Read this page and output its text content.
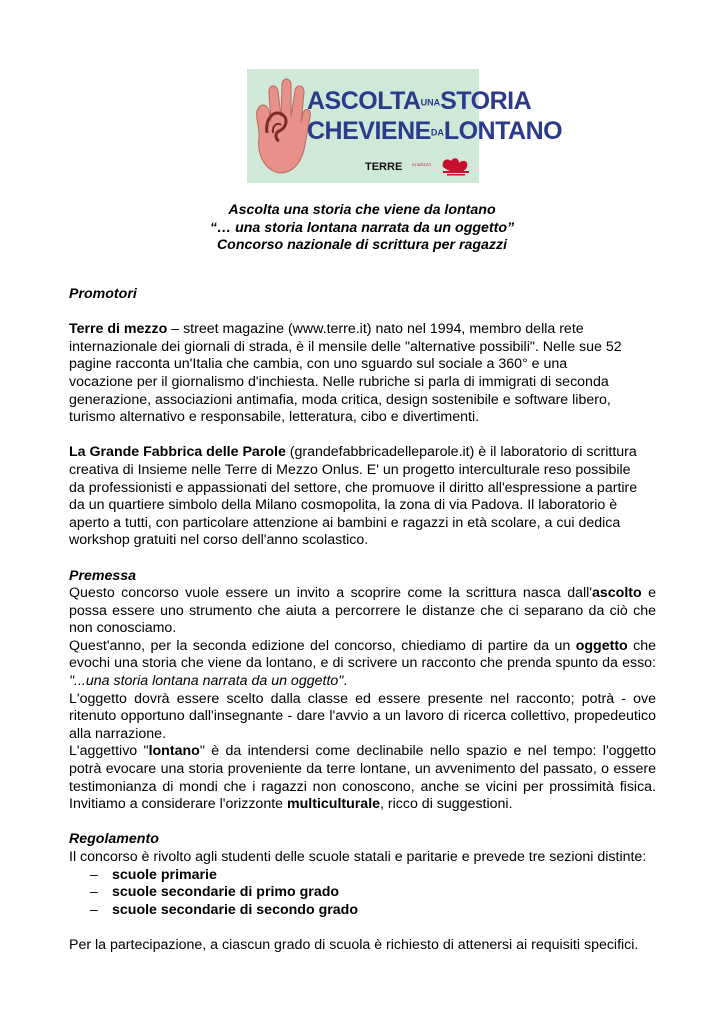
ASCOLTAUNASTORIA
CHEVIENEDALONTANO
TERRE DI MEZZO
Ascolta una storia che viene da lontano
“… una storia lontana narrata da un oggetto”
Concorso nazionale di scrittura per ragazzi
Promotori
Terre di mezzo – street magazine (www.terre.it) nato nel 1994, membro della rete
internazionale dei giornali di strada, è il mensile delle "alternative possibili". Nelle sue 52
pagine racconta un'Italia che cambia, con uno sguardo sul sociale a 360° e una
vocazione per il giornalismo d'inchiesta. Nelle rubriche si parla di immigrati di seconda
generazione, associazioni antimafia, moda critica, design sostenibile e software libero,
turismo alternativo e responsabile, letteratura, cibo e divertimenti.
La Grande Fabbrica delle Parole (grandefabbricadelleparole.it) è il laboratorio di scrittura
creativa di Insieme nelle Terre di Mezzo Onlus. E' un progetto interculturale reso possibile
da professionisti e appassionati del settore, che promuove il diritto all'espressione a partire
da un quartiere simbolo della Milano cosmopolita, la zona di via Padova. Il laboratorio è
aperto a tutti, con particolare attenzione ai bambini e ragazzi in età scolare, a cui dedica
workshop gratuiti nel corso dell'anno scolastico.
Premessa
Questo concorso vuole essere un invito a scoprire come la scrittura nasca dall'ascolto e possa essere uno strumento che aiuta a percorrere le distanze che ci separano da ciò che non conosciamo.
Quest'anno, per la seconda edizione del concorso, chiediamo di partire da un oggetto che evochi una storia che viene da lontano, e di scrivere un racconto che prenda spunto da esso: "...una storia lontana narrata da un oggetto".
L'oggetto dovrà essere scelto dalla classe ed essere presente nel racconto; potrà - ove ritenuto opportuno dall'insegnante - dare l'avvio a un lavoro di ricerca collettivo, propedeutico alla narrazione.
L'aggettivo "lontano" è da intendersi come declinabile nello spazio e nel tempo: l'oggetto potrà evocare una storia proveniente da terre lontane, un avvenimento del passato, o essere testimonianza di mondi che i ragazzi non conoscono, anche se vicini per prossimità fisica. Invitiamo a considerare l'orizzonte multiculturale, ricco di suggestioni.
Regolamento
Il concorso è rivolto agli studenti delle scuole statali e paritarie e prevede tre sezioni distinte:
– scuole primarie
– scuole secondarie di primo grado
– scuole secondarie di secondo grado
Per la partecipazione, a ciascun grado di scuola è richiesto di attenersi ai requisiti specifici.
